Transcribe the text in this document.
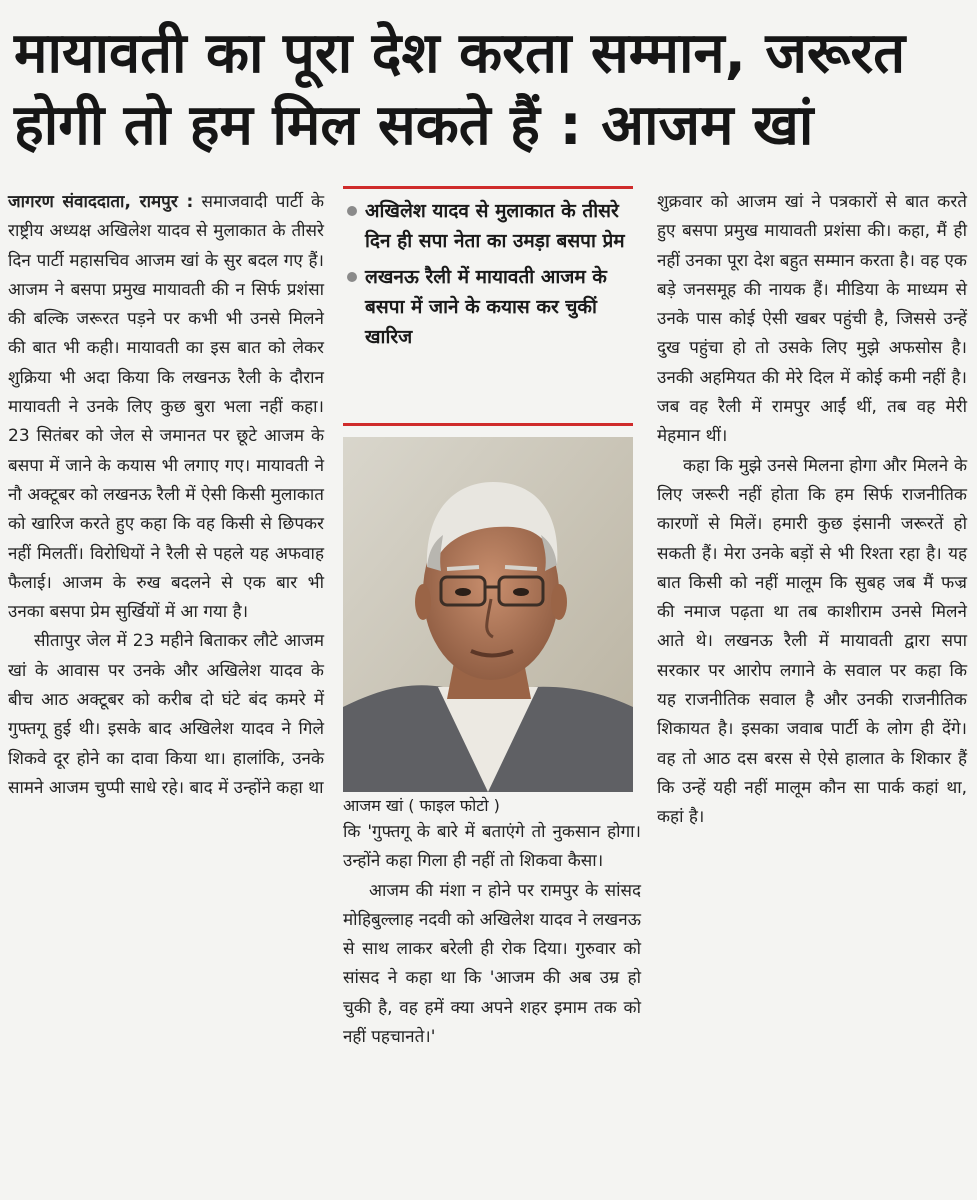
मायावती का पूरा देश करता सम्मान, जरूरत
होगी तो हम मिल सकते हैं : आजम खां

जागरण संवाददाता, रामपुर : समाजवादी पार्टी के राष्ट्रीय अध्यक्ष अखिलेश यादव से मुलाकात के तीसरे दिन पार्टी महासचिव आजम खां के सुर बदल गए हैं। आजम ने बसपा प्रमुख मायावती की न सिर्फ प्रशंसा की बल्कि जरूरत पड़ने पर कभी भी उनसे मिलने की बात भी कही। मायावती का इस बात को लेकर शुक्रिया भी अदा किया कि लखनऊ रैली के दौरान मायावती ने उनके लिए कुछ बुरा भला नहीं कहा। 23 सितंबर को जेल से जमानत पर छूटे आजम के बसपा में जाने के कयास भी लगाए गए। मायावती ने नौ अक्टूबर को लखनऊ रैली में ऐसी किसी मुलाकात को खारिज करते हुए कहा कि वह किसी से छिपकर नहीं मिलतीं। विरोधियों ने रैली से पहले यह अफवाह फैलाई। आजम के रुख बदलने से एक बार भी उनका बसपा प्रेम सुर्खियों में आ गया है।

सीतापुर जेल में 23 महीने बिताकर लौटे आजम खां के आवास पर उनके और अखिलेश यादव के बीच आठ अक्टूबर को करीब दो घंटे बंद कमरे में गुफ्तगू हुई थी। इसके बाद अखिलेश यादव ने गिले शिकवे दूर होने का दावा किया था। हालांकि, उनके सामने आजम चुप्पी साधे रहे। बाद में उन्होंने कहा था

अखिलेश यादव से मुलाकात के तीसरे दिन ही सपा नेता का उमड़ा बसपा प्रेम
लखनऊ रैली में मायावती आजम के बसपा में जाने के कयास कर चुकीं खारिज
आजम खां ( फाइल फोटो )

कि 'गुफ्तगू के बारे में बताएंगे तो नुकसान होगा। उन्होंने कहा गिला ही नहीं तो शिकवा कैसा।

आजम की मंशा न होने पर रामपुर के सांसद मोहिबुल्लाह नदवी को अखिलेश यादव ने लखनऊ से साथ लाकर बरेली ही रोक दिया। गुरुवार को सांसद ने कहा था कि 'आजम की अब उम्र हो चुकी है, वह हमें क्या अपने शहर इमाम तक को नहीं पहचानते।'

शुक्रवार को आजम खां ने पत्रकारों से बात करते हुए बसपा प्रमुख मायावती प्रशंसा की। कहा, मैं ही नहीं उनका पूरा देश बहुत सम्मान करता है। वह एक बड़े जनसमूह की नायक हैं। मीडिया के माध्यम से उनके पास कोई ऐसी खबर पहुंची है, जिससे उन्हें दुख पहुंचा हो तो उसके लिए मुझे अफसोस है। उनकी अहमियत की मेरे दिल में कोई कमी नहीं है। जब वह रैली में रामपुर आईं थीं, तब वह मेरी मेहमान थीं।

कहा कि मुझे उनसे मिलना होगा और मिलने के लिए जरूरी नहीं होता कि हम सिर्फ राजनीतिक कारणों से मिलें। हमारी कुछ इंसानी जरूरतें हो सकती हैं। मेरा उनके बड़ों से भी रिश्ता रहा है। यह बात किसी को नहीं मालूम कि सुबह जब मैं फज्र की नमाज पढ़ता था तब काशीराम उनसे मिलने आते थे। लखनऊ रैली में मायावती द्वारा सपा सरकार पर आरोप लगाने के सवाल पर कहा कि यह राजनीतिक सवाल है और उनकी राजनीतिक शिकायत है। इसका जवाब पार्टी के लोग ही देंगे। वह तो आठ दस बरस से ऐसे हालात के शिकार हैं कि उन्हें यही नहीं मालूम कौन सा पार्क कहां था, कहां है।
